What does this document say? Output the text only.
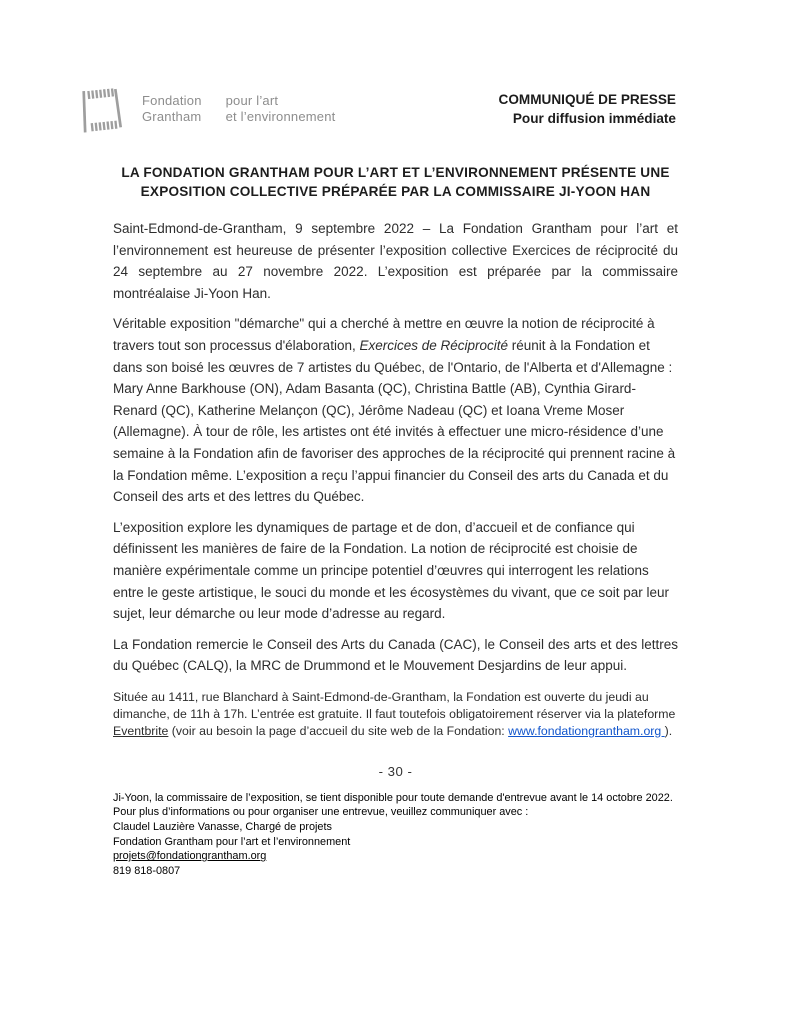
Fondation
Grantham
pour l’art
et l’environnement
COMMUNIQUÉ DE PRESSE
Pour diffusion immédiate
LA FONDATION GRANTHAM POUR L’ART ET L’ENVIRONNEMENT PRÉSENTE UNE EXPOSITION COLLECTIVE PRÉPARÉE PAR LA COMMISSAIRE JI-YOON HAN

Saint-Edmond-de-Grantham, 9 septembre 2022 – La Fondation Grantham pour l’art et l’environnement est heureuse de présenter l’exposition collective Exercices de réciprocité du 24 septembre au 27 novembre 2022. L’exposition est préparée par la commissaire montréalaise Ji-Yoon Han.

Véritable exposition "démarche" qui a cherché à mettre en œuvre la notion de réciprocité à travers tout son processus d'élaboration, Exercices de Réciprocité réunit à la Fondation et dans son boisé les œuvres de 7 artistes du Québec, de l'Ontario, de l'Alberta et d'Allemagne : Mary Anne Barkhouse (ON), Adam Basanta (QC), Christina Battle (AB), Cynthia Girard-Renard (QC), Katherine Melançon (QC), Jérôme Nadeau (QC) et Ioana Vreme Moser (Allemagne). À tour de rôle, les artistes ont été invités à effectuer une micro-résidence d’une semaine à la Fondation afin de favoriser des approches de la réciprocité qui prennent racine à la Fondation même. L’exposition a reçu l’appui financier du Conseil des arts du Canada et du Conseil des arts et des lettres du Québec.

L’exposition explore les dynamiques de partage et de don, d’accueil et de confiance qui définissent les manières de faire de la Fondation. La notion de réciprocité est choisie de manière expérimentale comme un principe potentiel d’œuvres qui interrogent les relations entre le geste artistique, le souci du monde et les écosystèmes du vivant, que ce soit par leur sujet, leur démarche ou leur mode d’adresse au regard.

La Fondation remercie le Conseil des Arts du Canada (CAC), le Conseil des arts et des lettres du Québec (CALQ), la MRC de Drummond et le Mouvement Desjardins de leur appui.

Située au 1411, rue Blanchard à Saint-Edmond-de-Grantham, la Fondation est ouverte du jeudi au dimanche, de 11h à 17h. L’entrée est gratuite. Il faut toutefois obligatoirement réserver via la plateforme Eventbrite (voir au besoin la page d’accueil du site web de la Fondation: www.fondationgrantham.org ).

- 30 -
Ji-Yoon, la commissaire de l’exposition, se tient disponible pour toute demande d'entrevue avant le 14 octobre 2022.
Pour plus d’informations ou pour organiser une entrevue, veuillez communiquer avec :
Claudel Lauzière Vanasse, Chargé de projets
Fondation Grantham pour l’art et l’environnement
projets@fondationgrantham.org
819 818-0807
